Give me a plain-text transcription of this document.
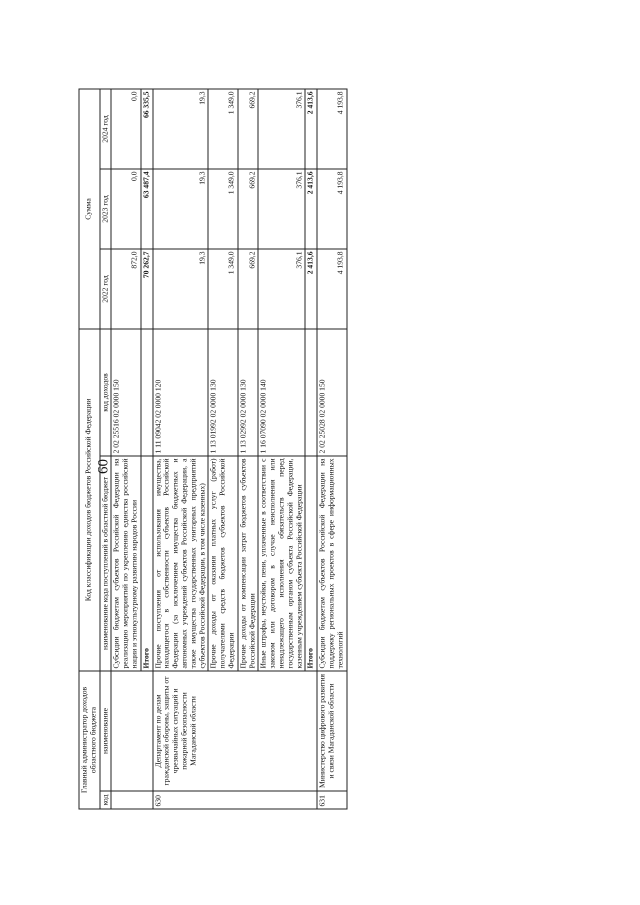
60
Главный администратор доходов областного бюджета		Код классификации доходов бюджетов Российской Федерации		Сумма		
код	наименование	наименование кода поступлений в областной бюджет	код доходов	2022 год	2023 год	2024 год
		Субсидии бюджетам субъектов Российской Федерации на реализацию мероприятий по укреплению единства российской нации и этнокультурному развитию народов России	2 02 25516 02 0000 150	872,0	0,0	0,0
		Итого		70 262,7	63 487,4	66 335,5
630	Департамент по делам гражданской обороны, защиты от чрезвычайных ситуаций и пожарной безопасности Магаданской области	Прочие поступления от использования имущества, находящегося в собственности субъектов Российской Федерации (за исключением имущества бюджетных и автономных учреждений субъектов Российской Федерации, а также имущества государственных унитарных предприятий субъектов Российской Федерации, в том числе казенных)	1 11 09042 02 0000 120	19,3	19,3	19,3
		Прочие доходы от оказания платных услуг (работ) получателями средств бюджетов субъектов Российской Федерации	1 13 01992 02 0000 130	1 349,0	1 349,0	1 349,0
		Прочие доходы от компенсации затрат бюджетов субъектов Российской Федерации	1 13 02992 02 0000 130	669,2	669,2	669,2
		Иные штрафы, неустойки, пени, уплаченные в соответствии с законом или договором в случае неисполнения или ненадлежащего исполнения обязательств перед государственным органом субъекта Российской Федерации, казенным учреждением субъекта Российской Федерации	1 16 07090 02 0000 140	376,1	376,1	376,1
		Итого		2 413,6	2 413,6	2 413,6
631	Министерство цифрового развития и связи Магаданской области	Субсидии бюджетам субъектов Российской Федерации на поддержку региональных проектов в сфере информационных технологий	2 02 25028 02 0000 150	4 193,8	4 193,8	4 193,8
